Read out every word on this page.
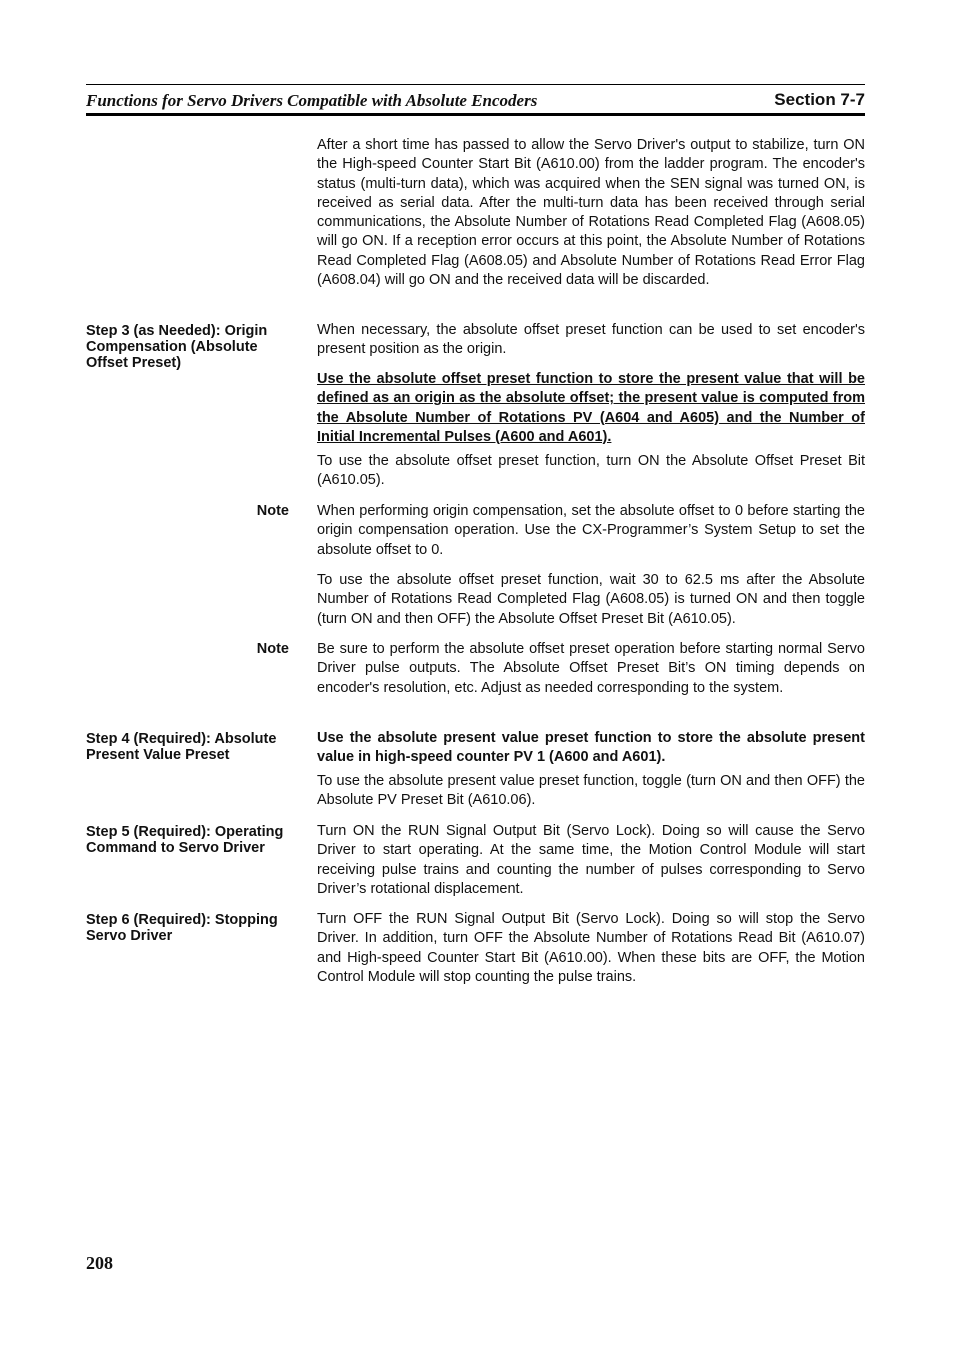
Functions for Servo Drivers Compatible with Absolute Encoders	Section 7-7

After a short time has passed to allow the Servo Driver's output to stabilize, turn ON the High-speed Counter Start Bit (A610.00) from the ladder program. The encoder's status (multi-turn data), which was acquired when the SEN signal was turned ON, is received as serial data. After the multi-turn data has been received through serial communications, the Absolute Number of Rotations Read Completed Flag (A608.05) will go ON. If a reception error occurs at this point, the Absolute Number of Rotations Read Completed Flag (A608.05) and Absolute Number of Rotations Read Error Flag (A608.04) will go ON and the received data will be discarded.

Step 3 (as Needed): Origin Compensation (Absolute Offset Preset)

When necessary, the absolute offset preset function can be used to set encoder's present position as the origin.

Use the absolute offset preset function to store the present value that will be defined as an origin as the absolute offset; the present value is computed from the Absolute Number of Rotations PV (A604 and A605) and the Number of Initial Incremental Pulses (A600 and A601).

To use the absolute offset preset function, turn ON the Absolute Offset Preset Bit (A610.05).

Note When performing origin compensation, set the absolute offset to 0 before starting the origin compensation operation. Use the CX-Programmer’s System Setup to set the absolute offset to 0.

To use the absolute offset preset function, wait 30 to 62.5 ms after the Absolute Number of Rotations Read Completed Flag (A608.05) is turned ON and then toggle (turn ON and then OFF) the Absolute Offset Preset Bit (A610.05).

Note Be sure to perform the absolute offset preset operation before starting normal Servo Driver pulse outputs. The Absolute Offset Preset Bit’s ON timing depends on encoder's resolution, etc. Adjust as needed corresponding to the system.

Step 4 (Required): Absolute Present Value Preset

Use the absolute present value preset function to store the absolute present value in high-speed counter PV 1 (A600 and A601).

To use the absolute present value preset function, toggle (turn ON and then OFF) the Absolute PV Preset Bit (A610.06).

Step 5 (Required): Operating Command to Servo Driver

Turn ON the RUN Signal Output Bit (Servo Lock). Doing so will cause the Servo Driver to start operating. At the same time, the Motion Control Module will start receiving pulse trains and counting the number of pulses corresponding to Servo Driver’s rotational displacement.

Step 6 (Required): Stopping Servo Driver

Turn OFF the RUN Signal Output Bit (Servo Lock). Doing so will stop the Servo Driver. In addition, turn OFF the Absolute Number of Rotations Read Bit (A610.07) and High-speed Counter Start Bit (A610.00). When these bits are OFF, the Motion Control Module will stop counting the pulse trains.

208
